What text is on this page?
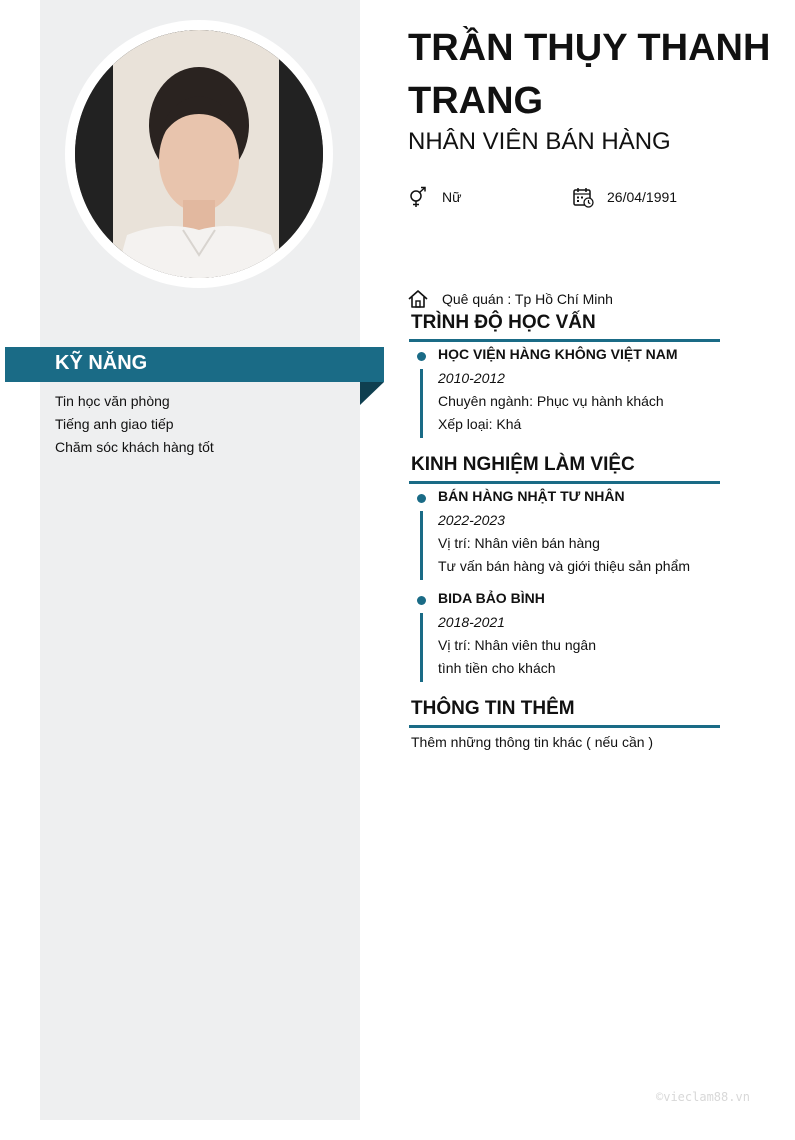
KỸ NĂNG
Tin học văn phòng
Tiếng anh giao tiếp
Chăm sóc khách hàng tốt
TRẦN THỤY THANH TRANG
NHÂN VIÊN BÁN HÀNG
Nữ	26/04/1991
Quê quán : Tp Hồ Chí Minh
TRÌNH ĐỘ HỌC VẤN
HỌC VIỆN HÀNG KHÔNG VIỆT NAM
2010-2012
Chuyên ngành: Phục vụ hành khách
Xếp loại: Khá
KINH NGHIỆM LÀM VIỆC
BÁN HÀNG NHẬT TƯ NHÂN
2022-2023
Vị trí: Nhân viên bán hàng
Tư vấn bán hàng và giới thiệu sản phẩm
BIDA BẢO BÌNH
2018-2021
Vị trí: Nhân viên thu ngân
tình tiền cho khách
THÔNG TIN THÊM
Thêm những thông tin khác ( nếu cần )
©vieclam88.vn
